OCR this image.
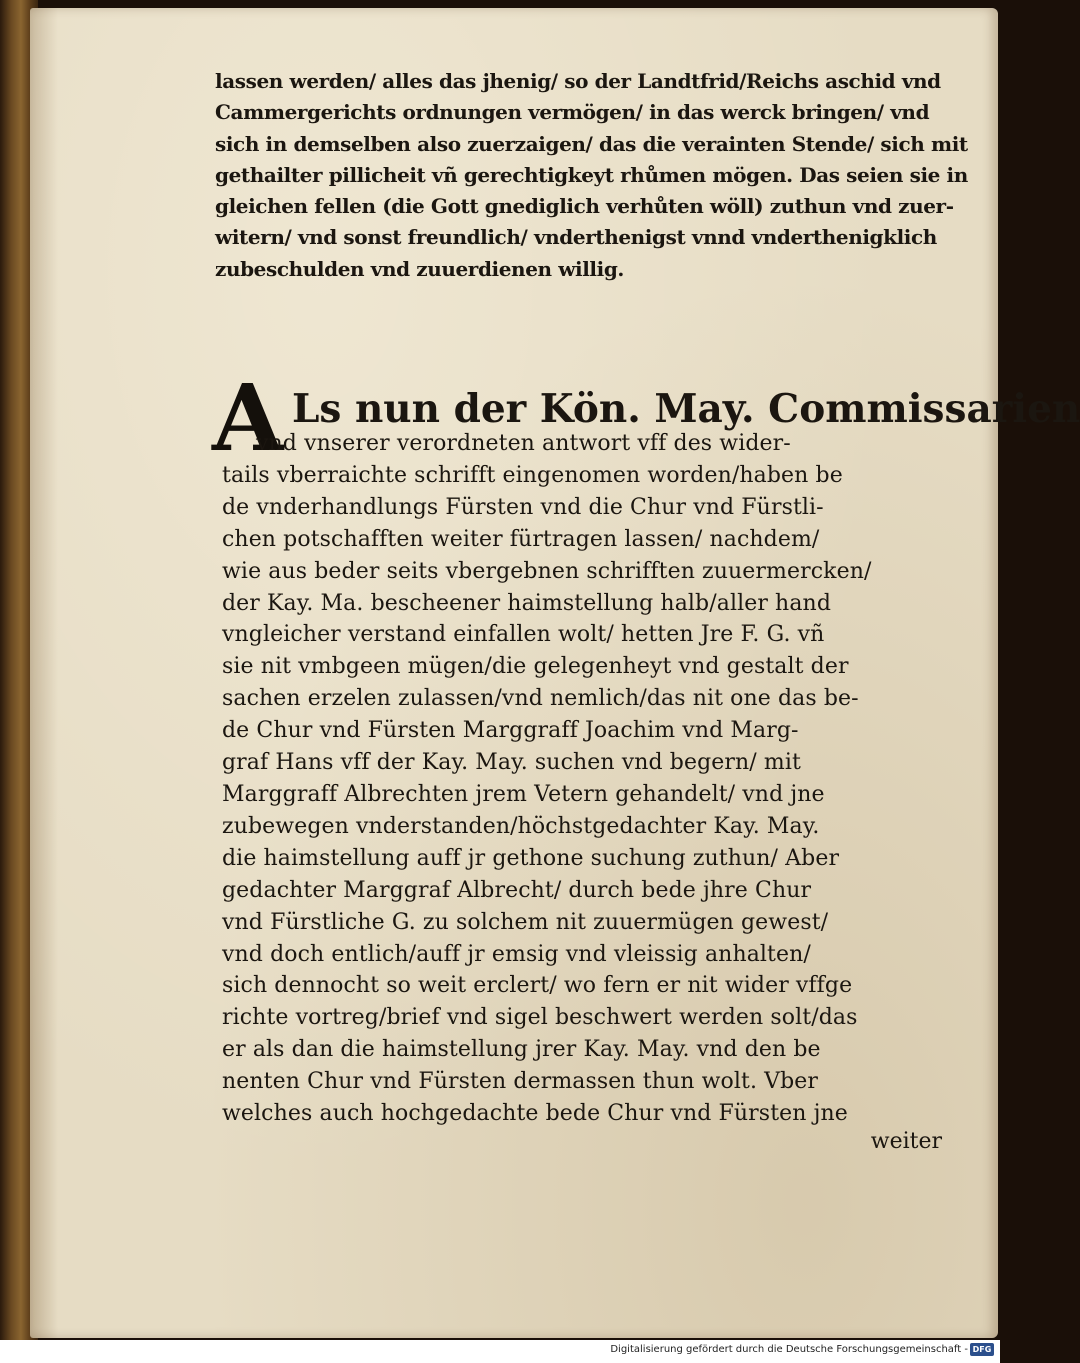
lassen werden/ alles das jhenig/ so der Landtfrid/Reichs aschid vnd
Cammergerichts ordnungen vermögen/ in das werck bringen/ vnd
sich in demselben also zuerzaigen/ das die verainten Stende/ sich mit
gethailter pillicheit vñ gerechtigkeyt rhůmen mögen. Das seien sie in
gleichen fellen (die Gott gnediglich verhůten wöll) zuthun vnd zuer-
witern/ vnd sonst freundlich/ vnderthenigst vnnd vnderthenigklich
zubeschulden vnd zuuerdienen willig.
A Ls nun der Kön. May. Commissarien
vnd vnserer verordneten antwort vff des wider-
tails vberraichte schrifft eingenomen worden/haben be
de vnderhandlungs Fürsten vnd die Chur vnd Fürstli-
chen potschafften weiter fürtragen lassen/ nachdem/
wie aus beder seits vbergebnen schrifften zuuermercken/
der Kay. Ma. bescheener haimstellung halb/aller hand
vngleicher verstand einfallen wolt/ hetten Jre F. G. vñ
sie nit vmbgeen mügen/die gelegenheyt vnd gestalt der
sachen erzelen zulassen/vnd nemlich/das nit one das be-
de Chur vnd Fürsten Marggraff Joachim vnd Marg-
graf Hans vff der Kay. May. suchen vnd begern/ mit
Marggraff Albrechten jrem Vetern gehandelt/ vnd jne
zubewegen vnderstanden/höchstgedachter Kay. May.
die haimstellung auff jr gethone suchung zuthun/ Aber
gedachter Marggraf Albrecht/ durch bede jhre Chur
vnd Fürstliche G. zu solchem nit zuuermügen gewest/
vnd doch entlich/auff jr emsig vnd vleissig anhalten/
sich dennocht so weit erclert/ wo fern er nit wider vffge
richte vortreg/brief vnd sigel beschwert werden solt/das
er als dan die haimstellung jrer Kay. May. vnd den be
nenten Chur vnd Fürsten dermassen thun wolt. Vber
welches auch hochgedachte bede Chur vnd Fürsten jne
weiter
Digitalisierung gefördert durch die Deutsche Forschungsgemeinschaft - DFG
